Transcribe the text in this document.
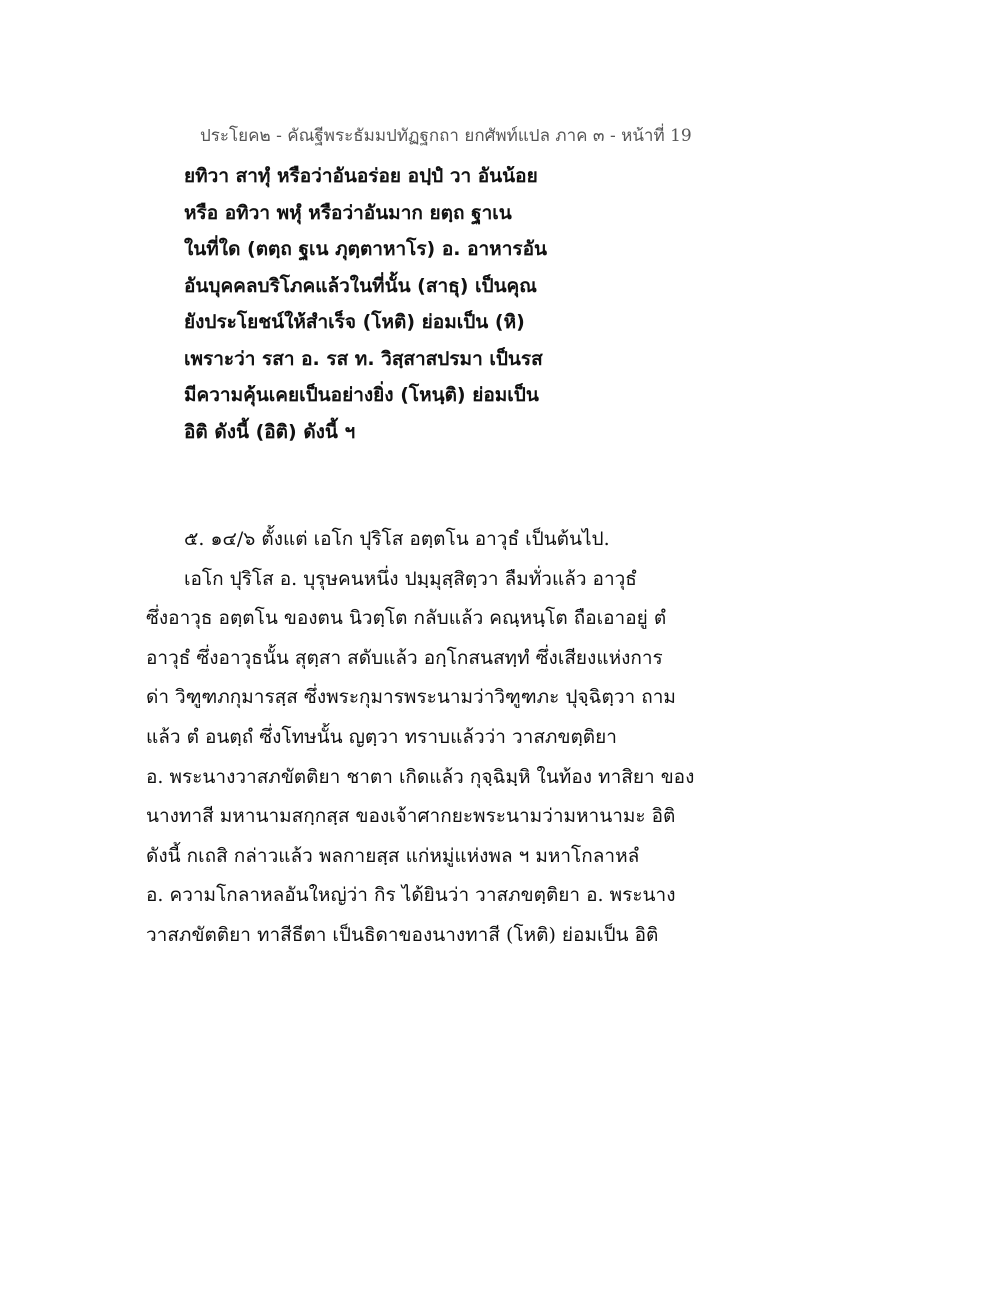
ประโยค๒ - คัณฐีพระธัมมปทัฏฐกถา ยกศัพท์แปล ภาค ๓ - หน้าที่ 19
ยทิวา สาทุํ หรือว่าอันอร่อย อปฺปํ วา อันน้อย
หรือ อทิวา พหุํ หรือว่าอันมาก ยตฺถ ฐาเน
ในที่ใด (ตตฺถ ฐเน ภุตฺตาหาโร) อ. อาหารอัน
อันบุคคลบริโภคแล้วในที่นั้น (สาธุ) เป็นคุณ
ยังประโยชน์ให้สำเร็จ (โหติ) ย่อมเป็น (หิ)
เพราะว่า รสา อ. รส ท. วิสฺสาสปรมา เป็นรส
มีความคุ้นเคยเป็นอย่างยิ่ง (โหนฺติ) ย่อมเป็น
อิติ ดังนี้ (อิติ) ดังนี้ ฯ
๕. ๑๔/๖ ตั้งแต่ เอโก ปุริโส อตฺตโน อาวุธํ เป็นต้นไป.
เอโก ปุริโส อ. บุรุษคนหนึ่ง ปมฺมุสฺสิตฺวา ลืมทั่วแล้ว อาวุธํ
ซึ่งอาวุธ อตฺตโน ของตน นิวตฺโต กลับแล้ว คณฺหนฺโต ถือเอาอยู่ ตํ
อาวุธํ ซึ่งอาวุธนั้น สุตฺสา สดับแล้ว อกฺโกสนสทฺทํ ซึ่งเสียงแห่งการ
ด่า วิฑูฑภกุมารสฺส ซึ่งพระกุมารพระนามว่าวิฑูฑภะ ปุจฺฉิตฺวา ถาม
แล้ว ตํ อนตฺถํ ซึ่งโทษนั้น ญตฺวา ทราบแล้วว่า วาสภขตฺติยา
อ. พระนางวาสภขัตติยา ชาตา เกิดแล้ว กุจฺฉิมฺหิ ในท้อง ทาสิยา ของ
นางทาสี มหานามสกฺกสฺส ของเจ้าศากยะพระนามว่ามหานามะ อิติ
ดังนี้ กเถสิ กล่าวแล้ว พลกายสฺส แก่หมู่แห่งพล ฯ มหาโกลาหลํ
อ. ความโกลาหลอันใหญ่ว่า กิร ได้ยินว่า วาสภขตฺติยา อ. พระนาง
วาสภขัตติยา ทาสีธีตา เป็นธิดาของนางทาสี (โหติ) ย่อมเป็น อิติ
